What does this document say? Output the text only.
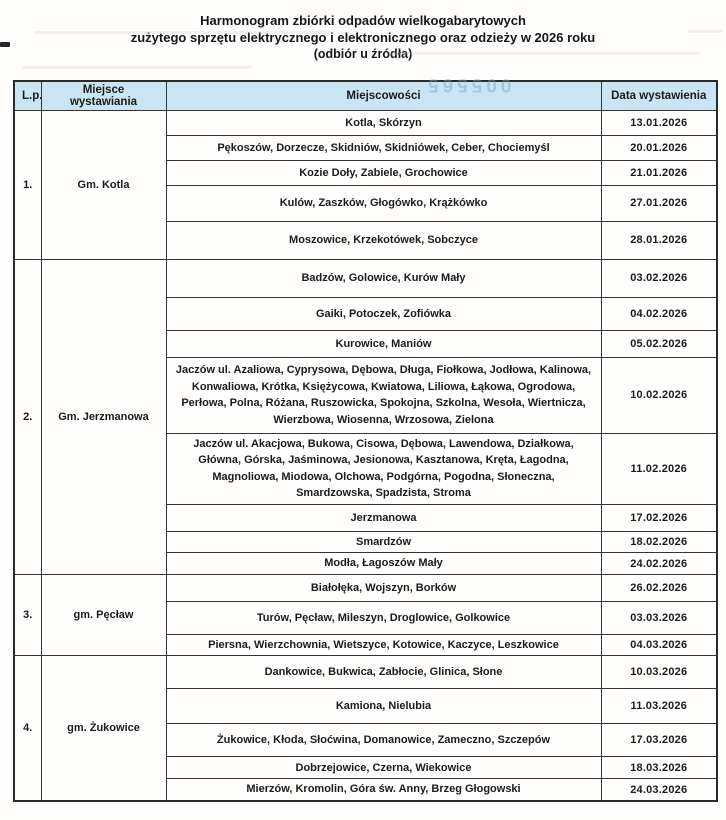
Harmonogram zbiórki odpadów wielkogabarytowych
zużytego sprzętu elektrycznego i elektronicznego oraz odzieży w 2026 roku
(odbiór u źródła)
005565
L.p.	Miejsce wystawiania	Miejscowości	Data wystawienia
1.	Gm. Kotla	Kotla, Skórzyn	13.01.2026
		Pękoszów, Dorzecze, Skidniów, Skidniówek, Ceber, Chociemyśl	20.01.2026
		Kozie Doły, Zabiele, Grochowice	21.01.2026
		Kulów, Zaszków, Głogówko, Krążkówko	27.01.2026
		Moszowice, Krzekotówek, Sobczyce	28.01.2026
2.	Gm. Jerzmanowa	Badzów, Golowice, Kurów Mały	03.02.2026
		Gaiki, Potoczek, Zofiówka	04.02.2026
		Kurowice, Maniów	05.02.2026
		Jaczów ul. Azaliowa, Cyprysowa, Dębowa, Długa, Fiołkowa, Jodłowa, Kalinowa, Konwaliowa, Krótka, Księżycowa, Kwiatowa, Liliowa, Łąkowa, Ogrodowa, Perłowa, Polna, Różana, Ruszowicka, Spokojna, Szkolna, Wesoła, Wiertnicza, Wierzbowa, Wiosenna, Wrzosowa, Zielona	10.02.2026
		Jaczów ul. Akacjowa, Bukowa, Cisowa, Dębowa, Lawendowa, Działkowa, Główna, Górska, Jaśminowa, Jesionowa, Kasztanowa, Kręta, Łagodna, Magnoliowa, Miodowa, Olchowa, Podgórna, Pogodna, Słoneczna, Smardzowska, Spadzista, Stroma	11.02.2026
		Jerzmanowa	17.02.2026
		Smardzów	18.02.2026
		Modła, Łagoszów Mały	24.02.2026
3.	gm. Pęcław	Białołęka, Wojszyn, Borków	26.02.2026
		Turów, Pęcław, Mileszyn, Droglowice, Golkowice	03.03.2026
		Piersna, Wierzchownia, Wietszyce, Kotowice, Kaczyce, Leszkowice	04.03.2026
4.	gm. Żukowice	Dankowice, Bukwica, Zabłocie, Glinica, Słone	10.03.2026
		Kamiona, Nielubia	11.03.2026
		Żukowice, Kłoda, Słoćwina, Domanowice, Zameczno, Szczepów	17.03.2026
		Dobrzejowice, Czerna, Wiekowice	18.03.2026
		Mierzów, Kromolin, Góra św. Anny, Brzeg Głogowski	24.03.2026
